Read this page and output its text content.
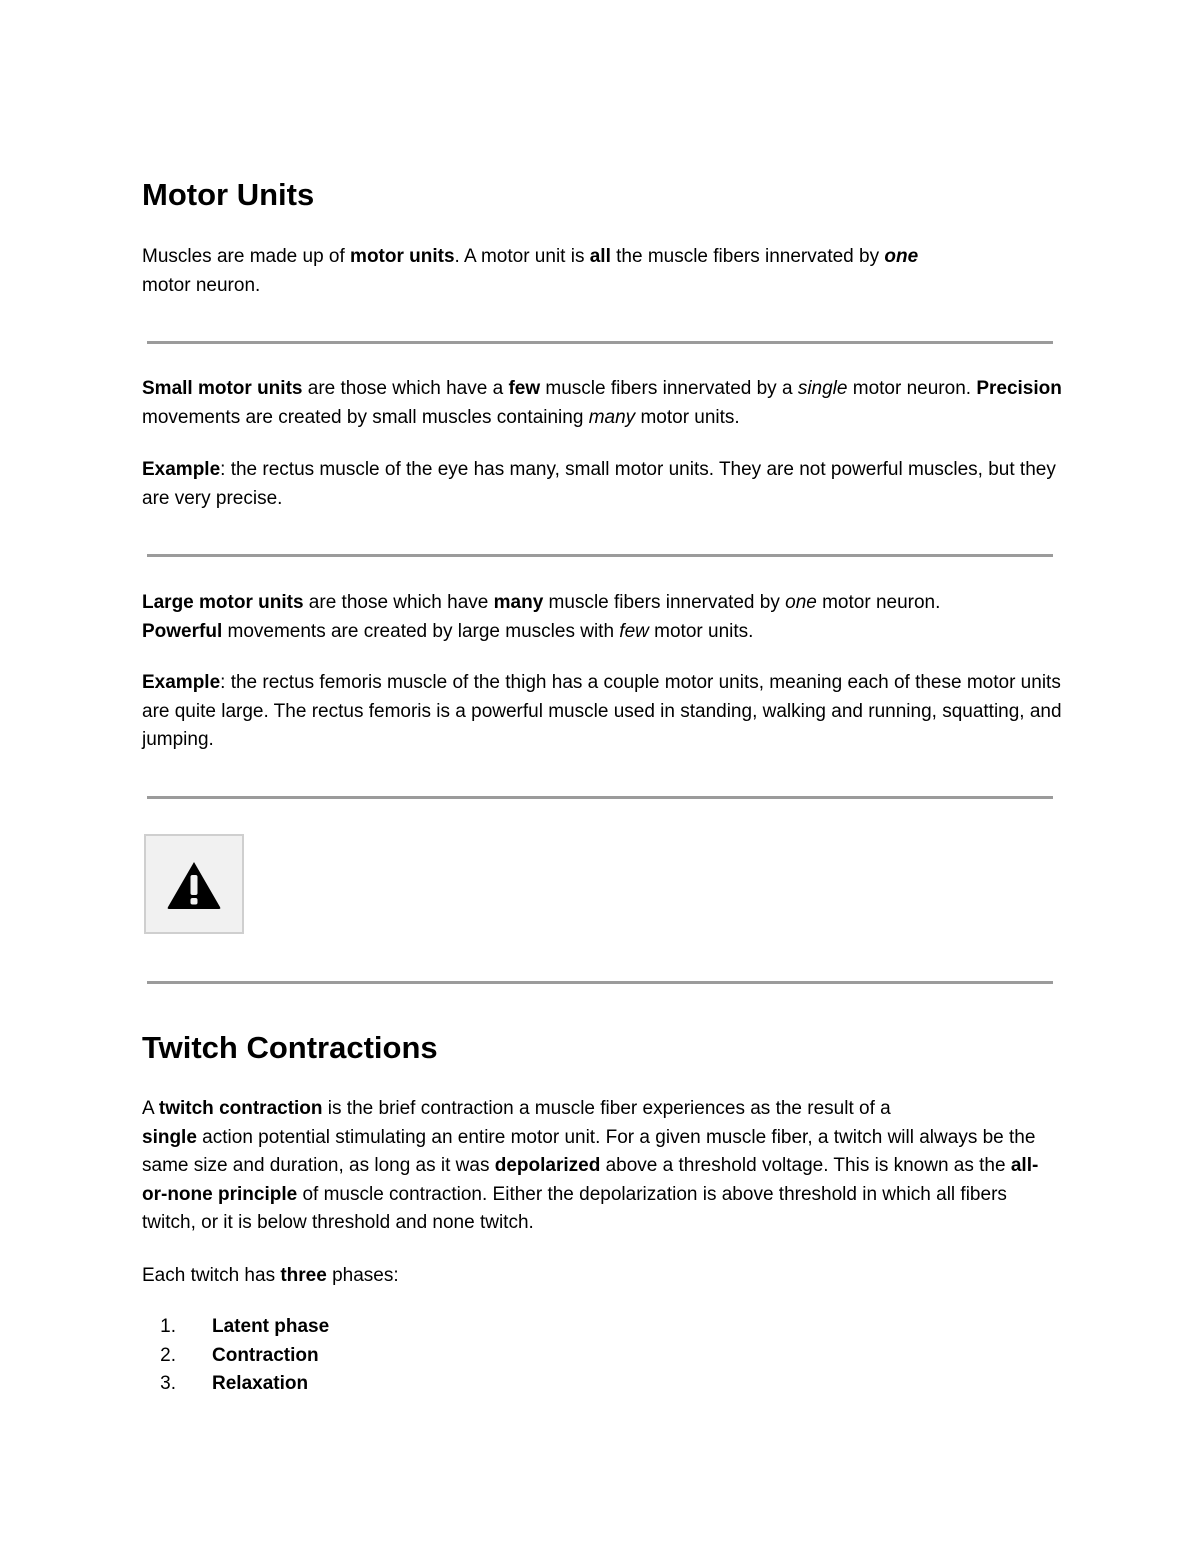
Motor Units

Muscles are made up of motor units. A motor unit is all the muscle fibers innervated by one
motor neuron.

Small motor units are those which have a few muscle fibers innervated by a single motor neuron. Precision movements are created by small muscles containing many motor units.

Example: the rectus muscle of the eye has many, small motor units. They are not powerful muscles, but they are very precise.

Large motor units are those which have many muscle fibers innervated by one motor neuron.
Powerful movements are created by large muscles with few motor units.

Example: the rectus femoris muscle of the thigh has a couple motor units, meaning each of these motor units are quite large. The rectus femoris is a powerful muscle used in standing, walking and running, squatting, and jumping.

Twitch Contractions

A twitch contraction is the brief contraction a muscle fiber experiences as the result of a
single action potential stimulating an entire motor unit. For a given muscle fiber, a twitch will always be the same size and duration, as long as it was depolarized above a threshold voltage. This is known as the all-or-none principle of muscle contraction. Either the depolarization is above threshold in which all fibers twitch, or it is below threshold and none twitch.

Each twitch has three phases:

1. Latent phase
2. Contraction
3. Relaxation
